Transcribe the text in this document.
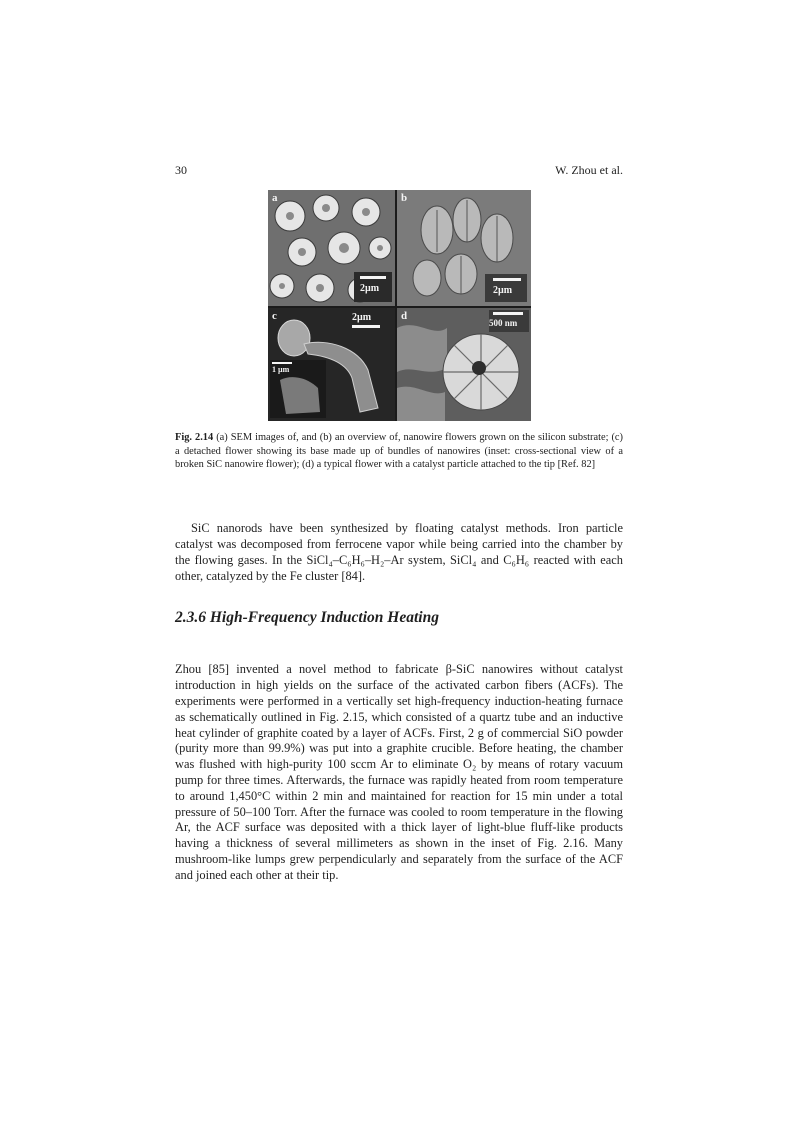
30	W. Zhou et al.
a
2µm
b
2µm
c	2µm
1 µm
d
500 nm
Fig. 2.14 (a) SEM images of, and (b) an overview of, nanowire flowers grown on the silicon substrate; (c) a detached flower showing its base made up of bundles of nanowires (inset: cross-sectional view of a broken SiC nanowire flower); (d) a typical flower with a catalyst particle attached to the tip [Ref. 82]

SiC nanorods have been synthesized by floating catalyst methods. Iron particle catalyst was decomposed from ferrocene vapor while being carried into the chamber by the flowing gases. In the SiCl₄–C₆H₆–H₂–Ar system, SiCl₄ and C₆H₆ reacted with each other, catalyzed by the Fe cluster [84].

2.3.6 High-Frequency Induction Heating

Zhou [85] invented a novel method to fabricate β-SiC nanowires without catalyst introduction in high yields on the surface of the activated carbon fibers (ACFs). The experiments were performed in a vertically set high-frequency induction-heating furnace as schematically outlined in Fig. 2.15, which consisted of a quartz tube and an inductive heat cylinder of graphite coated by a layer of ACFs. First, 2 g of commercial SiO powder (purity more than 99.9%) was put into a graphite crucible. Before heating, the chamber was flushed with high-purity 100 sccm Ar to eliminate O₂ by means of rotary vacuum pump for three times. Afterwards, the furnace was rapidly heated from room temperature to around 1,450°C within 2 min and maintained for reaction for 15 min under a total pressure of 50–100 Torr. After the furnace was cooled to room temperature in the flowing Ar, the ACF surface was deposited with a thick layer of light-blue fluff-like products having a thickness of several millimeters as shown in the inset of Fig. 2.16. Many mushroom-like lumps grew perpendicularly and separately from the surface of the ACF and joined each other at their tip.
